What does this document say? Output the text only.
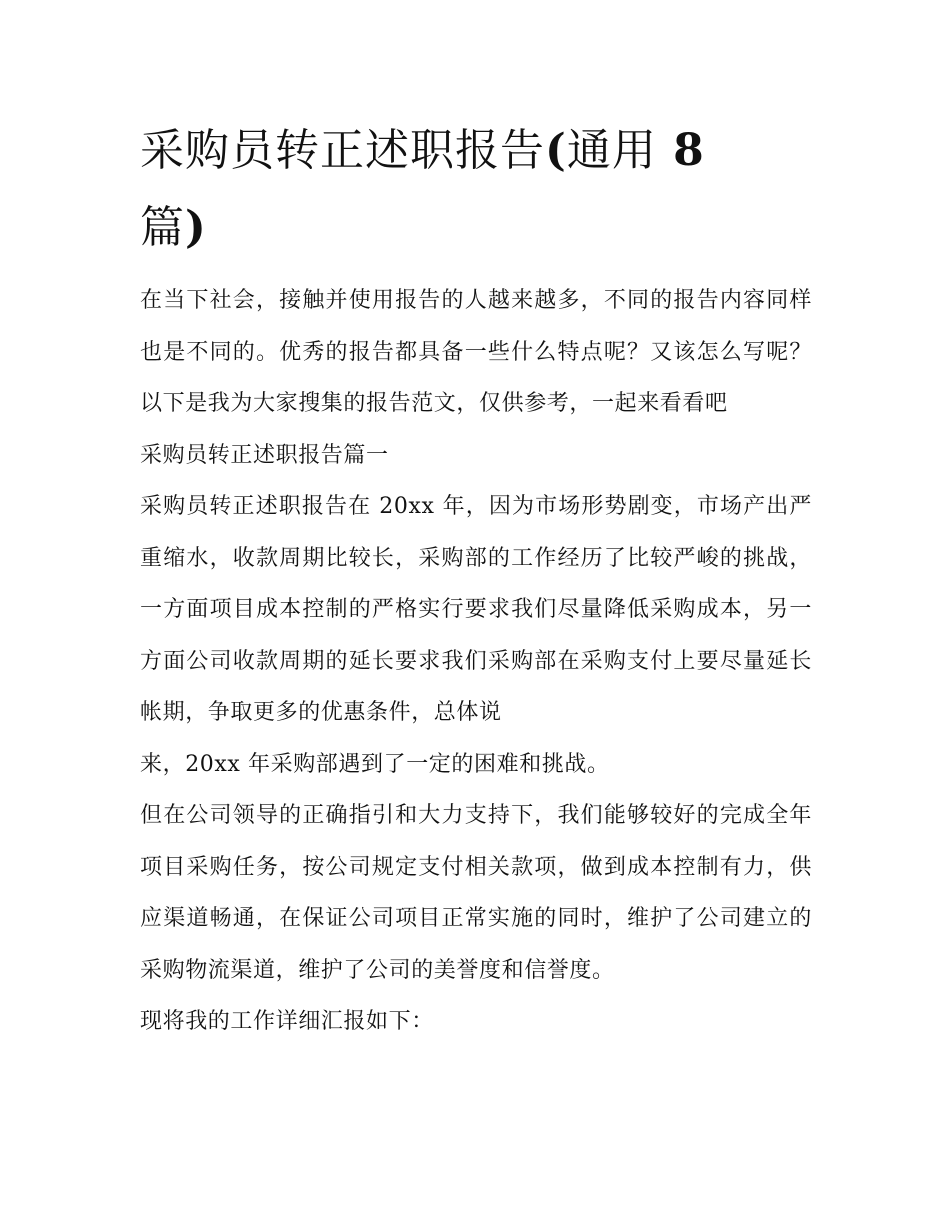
采购员转正述职报告(通用 8
篇)

在当下社会，接触并使用报告的人越来越多，不同的报告内容同样也是不同的。优秀的报告都具备一些什么特点呢？又该怎么写呢？以下是我为大家搜集的报告范文，仅供参考，一起来看看吧

采购员转正述职报告篇一

采购员转正述职报告在 20xx 年，因为市场形势剧变，市场产出严重缩水，收款周期比较长，采购部的工作经历了比较严峻的挑战，一方面项目成本控制的严格实行要求我们尽量降低采购成本，另一方面公司收款周期的延长要求我们采购部在采购支付上要尽量延长帐期，争取更多的优惠条件，总体说

来，20xx 年采购部遇到了一定的困难和挑战。

但在公司领导的正确指引和大力支持下，我们能够较好的完成全年项目采购任务，按公司规定支付相关款项，做到成本控制有力，供应渠道畅通，在保证公司项目正常实施的同时，维护了公司建立的采购物流渠道，维护了公司的美誉度和信誉度。

现将我的工作详细汇报如下：
